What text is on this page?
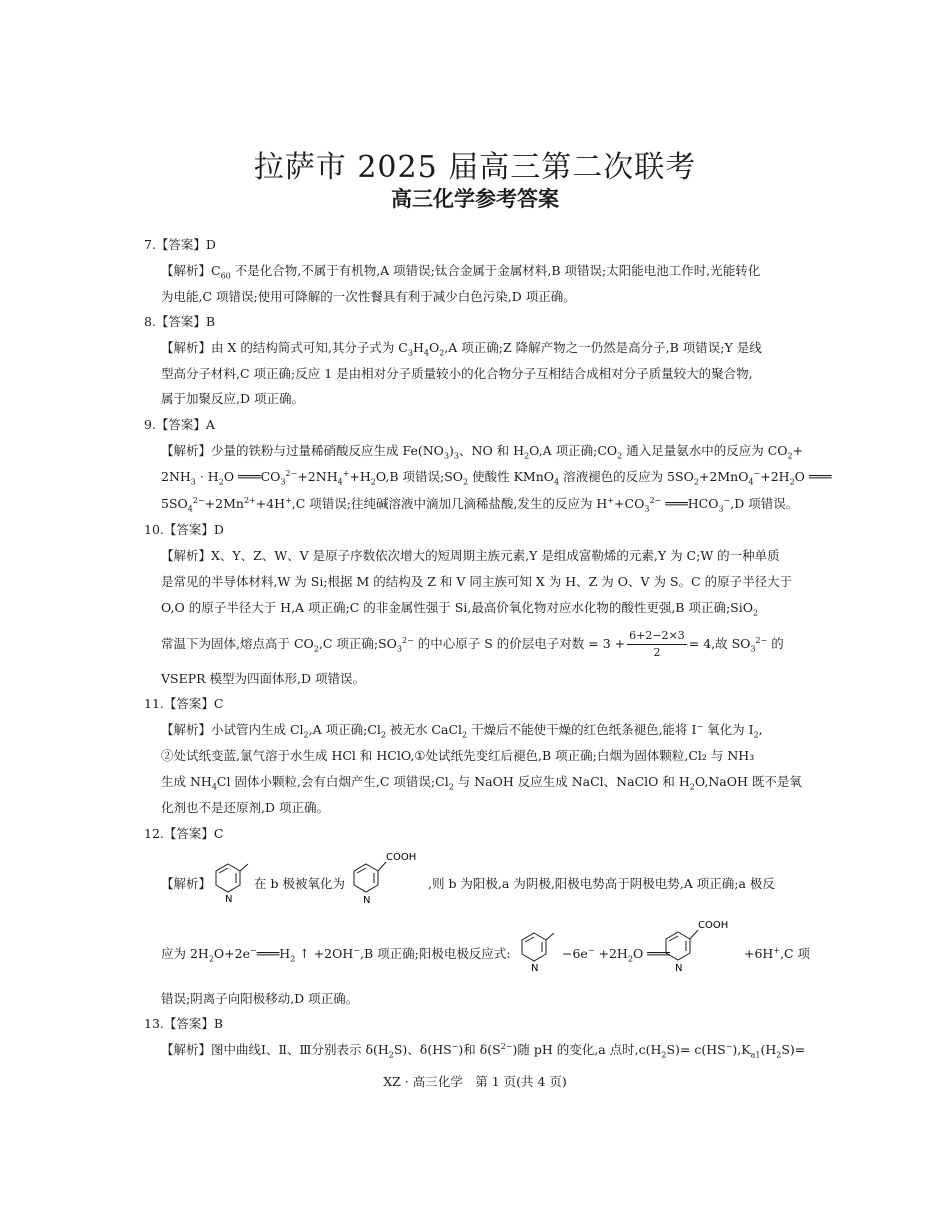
拉萨市 2025 届高三第二次联考
高三化学参考答案
7.【答案】D
【解析】$C_{60}$ 不是化合物,不属于有机物,A 项错误;钛合金属于金属材料,B 项错误;太阳能电池工作时,光能转化
为电能,C 项错误;使用可降解的一次性餐具有利于减少白色污染,D 项正确。
8.【答案】B
【解析】由 X 的结构简式可知,其分子式为 $C_3H_4O_2,A$ 项正确;Z 降解产物之一仍然是高分子,B 项错误;Y 是线
型高分子材料,C 项正确;反应 1 是由相对分子质量较小的化合物分子互相结合成相对分子质量较大的聚合物,
属于加聚反应,D 项正确。
9.【答案】A
【解析】少量的铁粉与过量稀硝酸反应生成 $Fe(NO_3)_3$、NO 和 $H_2O,A$ 项正确$;CO_2$ 通入足量氨水中的反应为 $CO_2+$
$2NH_3 \cdot H_2O$ $═══CO_3^{2-}+2NH_4^++H_2O,B$ 项错误$;SO_2$ 使酸性 KMnO$_4$ 溶液褪色的反应为 $5SO_2+2MnO_4^-+2H_2O$ ═══
$5SO_4^{2-}+2Mn^{2+}+4H^+,C$ 项错误;往纯碱溶液中滴加几滴稀盐酸,发生的反应为 $H^++CO_3^{2-}$ $═══HCO_3^-,D$ 项错误。
10.【答案】D
【解析】X、Y、Z、W、V 是原子序数依次增大的短周期主族元素,Y 是组成富勒烯的元素,Y 为 C;W 的一种单质
是常见的半导体材料,W 为 Si;根据 M 的结构及 Z 和 V 同主族可知 X 为 H、Z 为 O、V 为 S。C 的原子半径大于
O,O 的原子半径大于 H,A 项正确;C 的非金属性强于 Si,最高价氧化物对应水化物的酸性更强,B 项正确;SiO$_2$
常温下为固体,熔点高于 $CO_2,C$ 项正确$;SO_3^{2-}$ 的中心原子 S 的价层电子对数 = $3 + \frac{6+2-2\times 3}{2} = 4$,故 $SO_3^{2-}$ 的
VSEPR 模型为四面体形,D 项错误。
11.【答案】C
【解析】小试管内生成 $Cl_2,A$ 项正确$;Cl_2$ 被无水 CaCl$_2$ 干燥后不能使干燥的红色纸条褪色,能将 I− 氧化为 $I_2$,
②处试纸变蓝,氯气溶于水生成 HCl 和 HClO,①处试纸先变红后褪色,B 项正确;白烟为固体颗粒,Cl₂ 与 NH₃
生成 $NH_4Cl$ 固体小颗粒,会有白烟产生,C 项错误$;Cl_2$ 与 NaOH 反应生成 NaCl、NaClO 和 $H_2O,NaOH$ 既不是氧
化剂也不是还原剂,D 项正确。
12.【答案】C
【解析】
N
在 b 极被氧化为
COOH
N
,则 b 为阳极,a 为阴极,阳极电势高于阴极电势,A 项正确;a 极反
应为 $2H_2O+2e^-═══H_2$ ↑ +2OH−,B 项正确;阳极电极反应式:
N
$-6e^- +2H_2O$ ═══
COOH
N
+6H+,C 项
错误;阴离子向阳极移动,D 项正确。
13.【答案】B
【解析】图中曲线Ⅰ、Ⅱ、Ⅲ分别表示 $\delta(H_2S)$、δ(HS−)和 $\delta(S^{2-})$随 pH 的变化,a 点时$,c(H_2S)= c(HS^-),K_{a1}(H_2S)=$
XZ · 高三化学　第 1 页(共 4 页)
